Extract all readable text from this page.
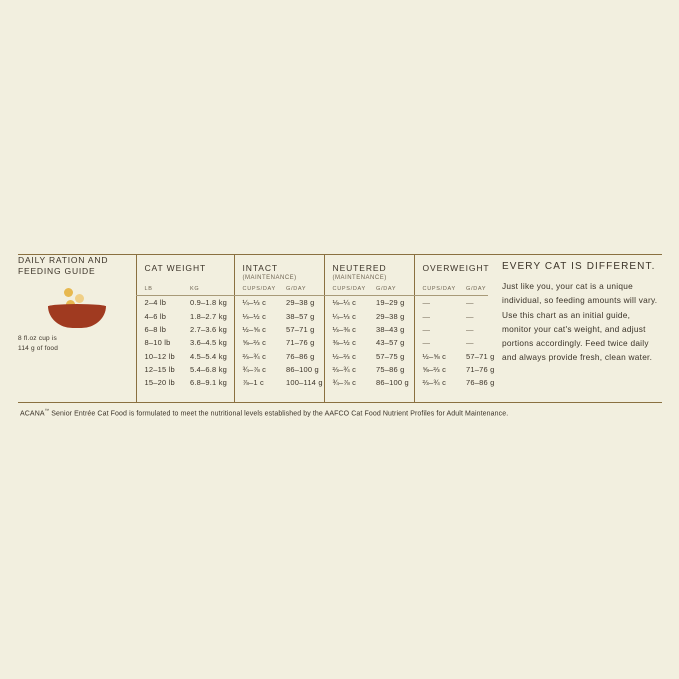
DAILY RATION AND FEEDING GUIDE
8 fl.oz cup is
114 g of food
	CAT WEIGHT	INTACT
(MAINTENANCE)
	NEUTERED
(MAINTENANCE)
	OVERWEIGHT	
	LB	KG	CUPS/DAY	G/DAY	CUPS/DAY	G/DAY	CUPS/DAY	G/DAY	

	2–4 lb	0.9–1.8 kg	¼–⅓ c	29–38 g	⅛–¼ c	19–29 g	—	—	
	4–6 lb	1.8–2.7 kg	⅓–½ c	38–57 g	¼–⅓ c	29–38 g	—	—	
	6–8 lb	2.7–3.6 kg	½–⅝ c	57–71 g	⅓–⅜ c	38–43 g	—	—	
	8–10 lb	3.6–4.5 kg	⅝–⅔ c	71–76 g	⅜–½ c	43–57 g	—	—	
	10–12 lb	4.5–5.4 kg	⅔–¾ c	76–86 g	½–⅔ c	57–75 g	½–⅝ c	57–71 g	
	12–15 lb	5.4–6.8 kg	¾–⅞ c	86–100 g	⅔–¾ c	75–86 g	⅝–⅔ c	71–76 g	
	15–20 lb	6.8–9.1 kg	⅞–1 c	100–114 g	¾–⅞ c	86–100 g	⅔–¾ c	76–86 g	

EVERY CAT IS DIFFERENT.
Just like you, your cat is a unique individual, so feeding amounts will vary. Use this chart as an initial guide, monitor your cat's weight, and adjust portions accordingly. Feed twice daily and always provide fresh, clean water.
ACANA™ Senior Entrée Cat Food is formulated to meet the nutritional levels established by the AAFCO Cat Food Nutrient Profiles for Adult Maintenance.
